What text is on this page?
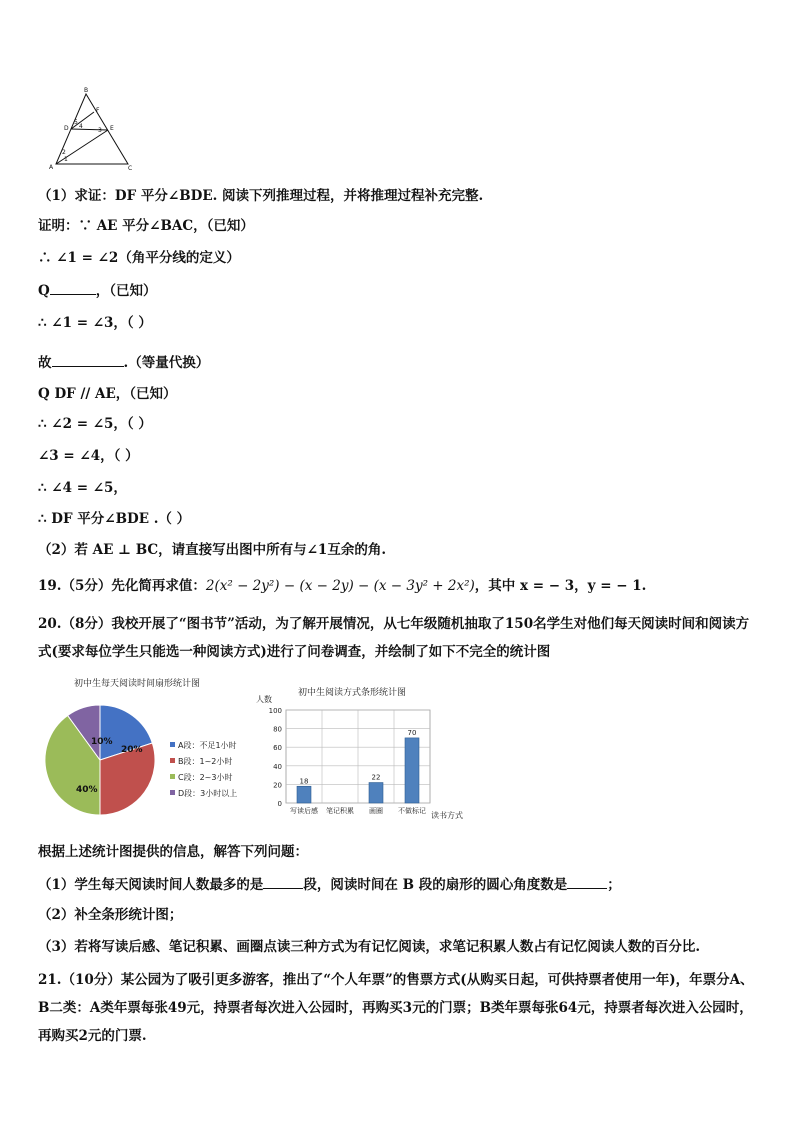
B
F
D	E
A	C
5
4
3
2
1
（1）求证：DF 平分∠BDE. 阅读下列推理过程，并将推理过程补充完整.
证明：∵ AE 平分∠BAC，（已知）
∴ ∠1 = ∠2（角平分线的定义）
Q	，（已知）
∴ ∠1 = ∠3，（ ）
故	.（等量代换）
Q DF // AE，（已知）
∴ ∠2 = ∠5，（ ）
∠3 = ∠4，（ ）
∴ ∠4 = ∠5，
∴ DF 平分∠BDE .（ ）
（2）若 AE ⊥ BC，请直接写出图中所有与∠1互余的角.
19.（5分）先化简再求值：2(x² − 2y²) − (x − 2y) − (x − 3y² + 2x²)，其中 x = − 3，y = − 1.
20.（8分）我校开展了“图书节”活动，为了解开展情况，从七年级随机抽取了150名学生对他们每天阅读时间和阅读方式(要求每位学生只能选一种阅读方式)进行了问卷调查，并绘制了如下不完全的统计图
初中生每天阅读时间扇形统计图
20%
40%
10%	A段：不足1小时
B段：1~2小时
C段：2~3小时
D段：3小时以上
初中生阅读方式条形统计图
0
20
40
60
80
100
人数
18
写读后感 笔记积累
22
画圈
70
不做标记 读书方式
根据上述统计图提供的信息，解答下列问题：
（1）学生每天阅读时间人数最多的是	段，阅读时间在 B 段的扇形的圆心角度数是	；
（2）补全条形统计图；
（3）若将写读后感、笔记积累、画圈点读三种方式为有记忆阅读，求笔记积累人数占有记忆阅读人数的百分比.
21.（10分）某公园为了吸引更多游客，推出了“个人年票”的售票方式(从购买日起，可供持票者使用一年)，年票分A、B二类：A类年票每张49元，持票者每次进入公园时，再购买3元的门票；B类年票每张64元，持票者每次进入公园时，再购买2元的门票.
